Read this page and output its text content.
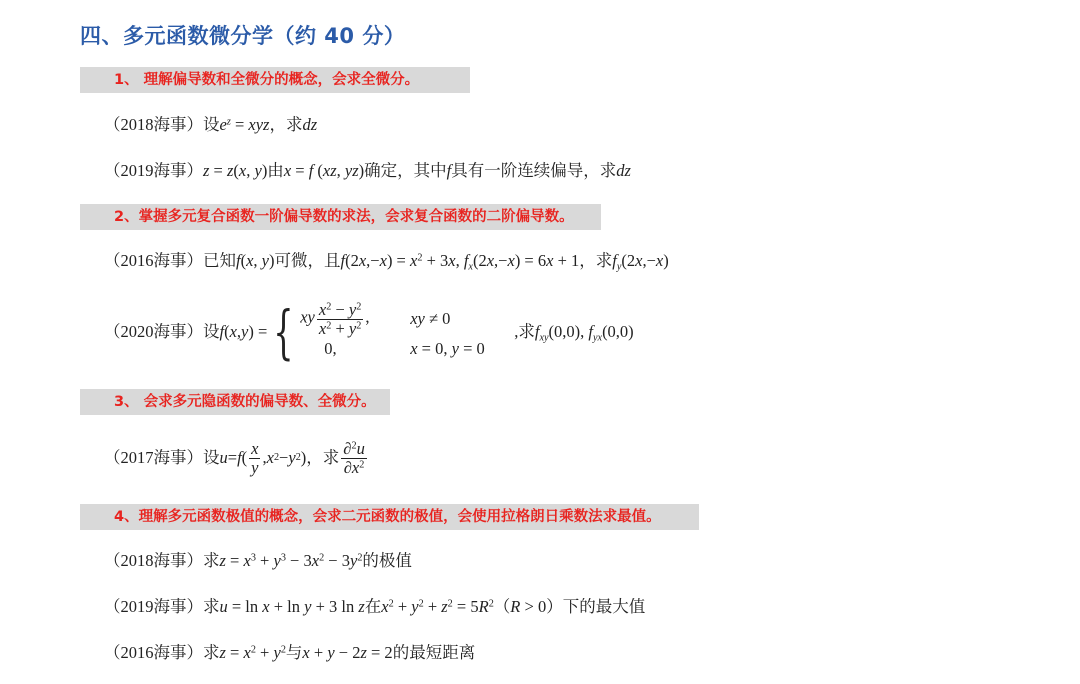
四、多元函数微分学（约 40 分）
1、 理解偏导数和全微分的概念，会求全微分。
（2018海事）设$e^z$ = xyz，求dz
（2019海事）z = z(x, y)由x = f (xz, yz)确定，其中f具有一阶连续偏导，求dz
2、掌握多元复合函数一阶偏导数的求法，会求复合函数的二阶偏导数。
（2016海事）已知f(x, y)可微，且$f(2x,-x) = x^2 + 3x$, $f_x(2x,-x) = 6x + 1$，求$f_y(2x,-x)$
（2020海事） 设 f ( x , y ) = { xy $\frac{x^2 - y^2}{x^2 + y^2}$ ,	xy ≠ 0
0,	x = 0, y = 0
,求$f_{xy}(0,0)$, $f_{yx}(0,0)$
3、 会求多元隐函数的偏导数、全微分。
（2017海事） 设 u = f ( $\frac{x}{y}$ , x 2 − y 2 ) ，求 $\frac{\partial^2u}{\partial x^2}$
4、理解多元函数极值的概念，会求二元函数的极值，会使用拉格朗日乘数法求最值。
（2018海事）求$z = x^3 + y^3 - 3x^2 - 3y^2$的极值
（2019海事）求u = ln x + ln y + 3 ln z在$x^2 + y^2 + z^2 = 5R^2(R > 0)$下的最大值
（2016海事）求$z = x^2 + y^2$与x + y − 2z = 2的最短距离
